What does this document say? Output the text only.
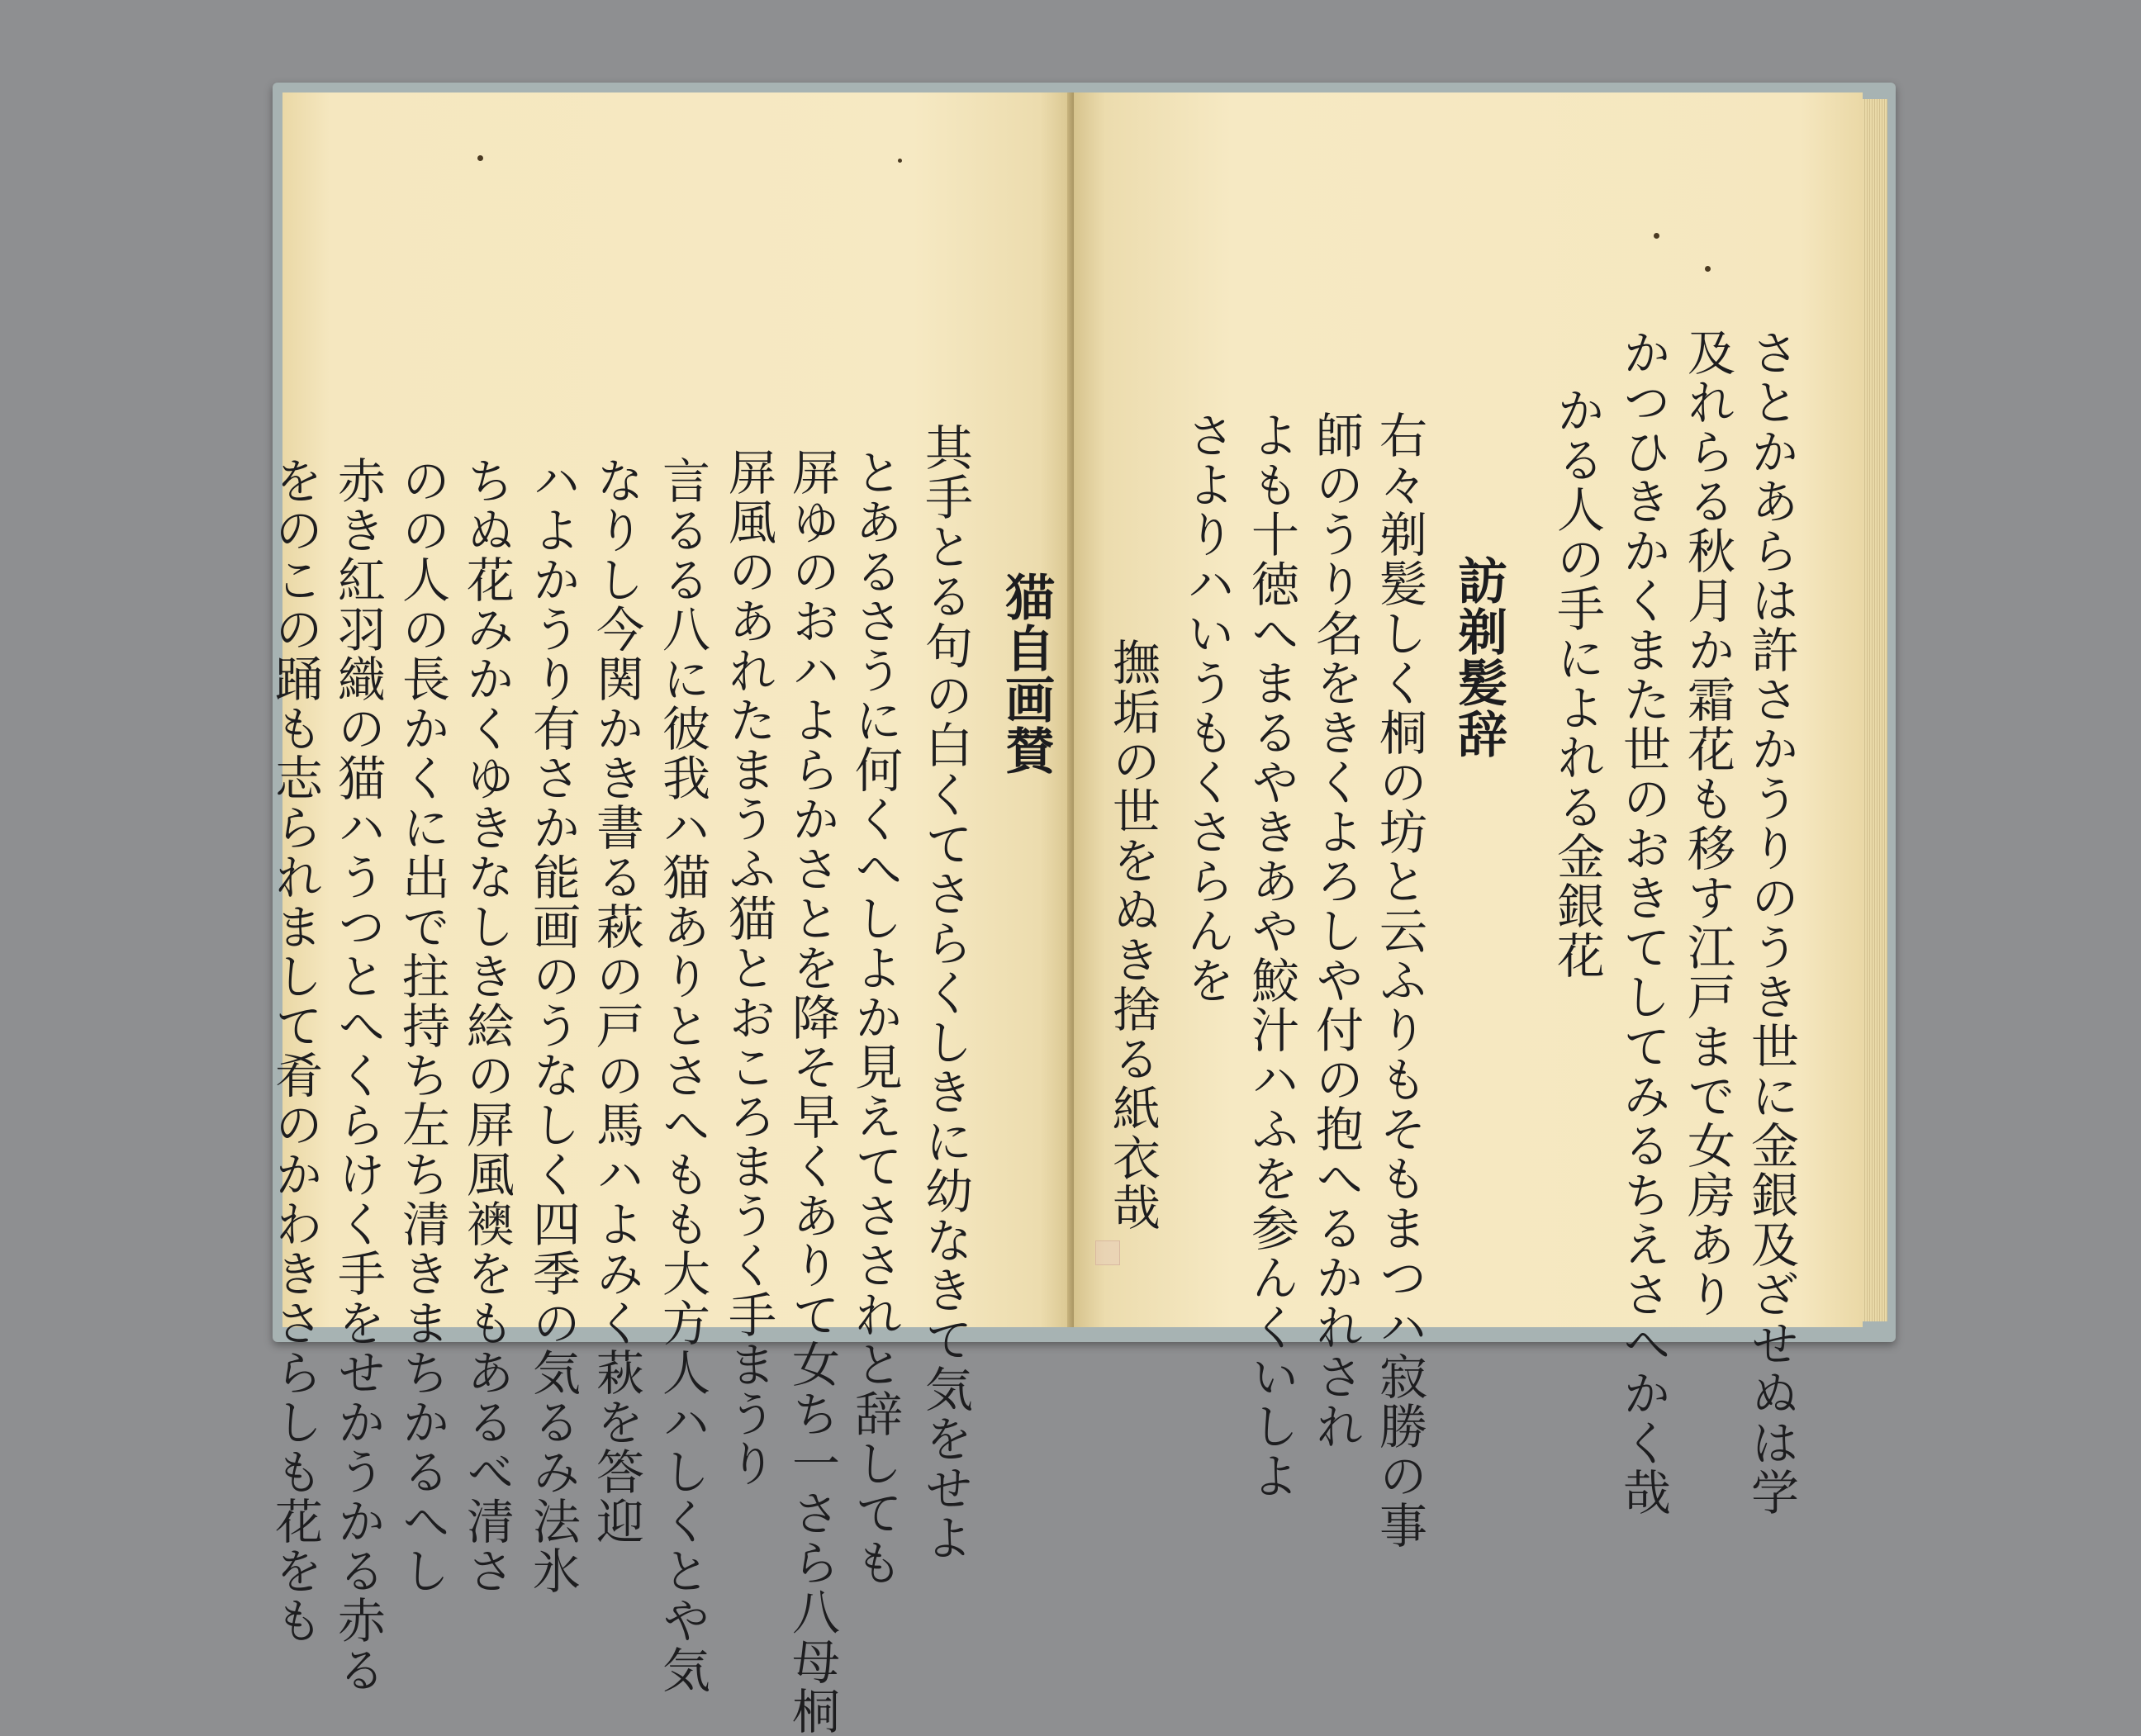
猫自画賛
其手とる句の白くてさらくしきに幼なきて気をせよ
とあるさうに何くへしよか見えてさされと辞しても
屏ゆのおハよらかさとを降そ早くありて女ち一さら八母桐
屏風のあれたまうふ猫とおころまうく手まうり
言るる八に彼我ハ猫ありとさへもも大方人ハしくとや気
なりし今関かき書る萩の戸の馬ハよみく萩を答迎
ハよかうり有さか能画のうなしく四季の気るみ法氷
ちぬ花みかくゆきなしき絵の屏風襖をもあるべ清さ
のの人の長かくに出で拄持ち左ち清きまちかるへし
赤き紅羽織の猫ハうつとへくらけく手をせかうかる赤る
をのこの踊も志られまして肴のかわきさらしも花をも	さとかあらは許さかうりのうき世に金銀及ざせぬは学
及れらる秋月か霜花も移す江戸まで女房あり
かつひきかくまた世のおきてしてみるちえさへかく哉
かる人の手によれる金銀花
訪剃髪辞
右々剃髪しく桐の坊と云ふりもそもまつハ寂勝の事
師のうり名をきくよろしや付の抱へるかれされ
よも十徳へまるやきあや鮫汁ハふを参んくいしよ
さよりハいうもくさらんを
撫垢の世をぬき捨る紙衣哉
